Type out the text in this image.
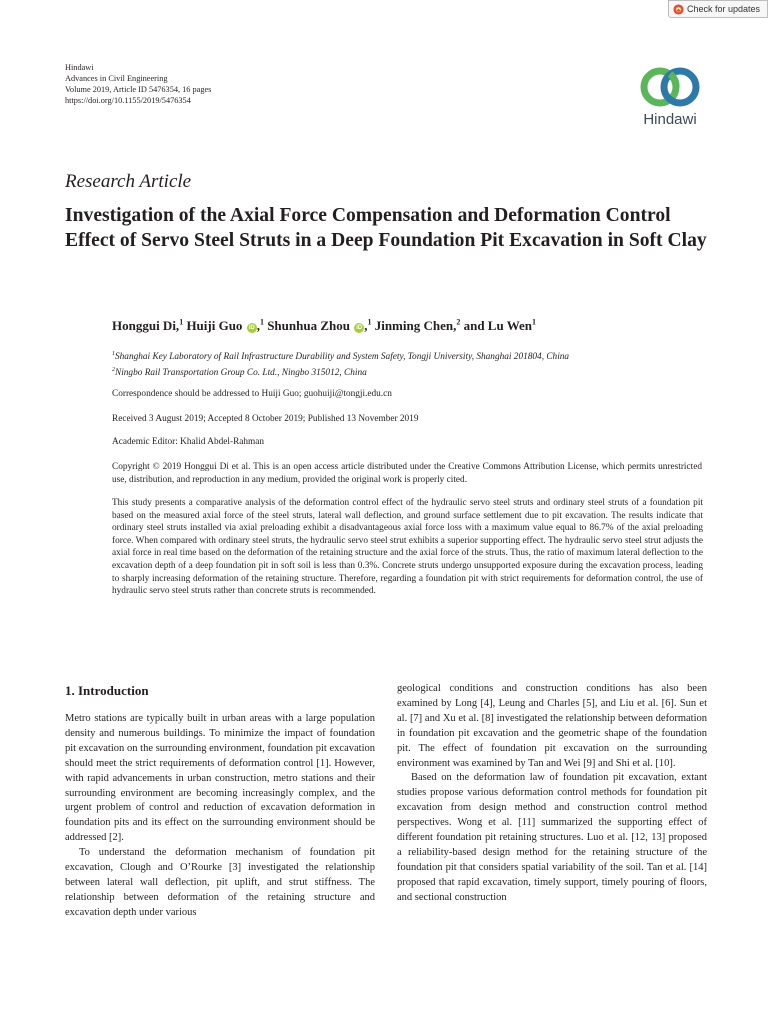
Check for updates
Hindawi
Advances in Civil Engineering
Volume 2019, Article ID 5476354, 16 pages
https://doi.org/10.1155/2019/5476354
Hindawi
Research Article
Investigation of the Axial Force Compensation and Deformation Control Effect of Servo Steel Struts in a Deep Foundation Pit Excavation in Soft Clay
Honggui Di,$^1$ Huiji Guo iD ,$^1$ Shunhua Zhou iD ,$^1$ Jinming Chen,$^2$ and Lu Wen$^1$
$^1$Shanghai Key Laboratory of Rail Infrastructure Durability and System Safety, Tongji University, Shanghai 201804, China
$^2$Ningbo Rail Transportation Group Co. Ltd., Ningbo 315012, China
Correspondence should be addressed to Huiji Guo; guohuiji@tongji.edu.cn
Received 3 August 2019; Accepted 8 October 2019; Published 13 November 2019
Academic Editor: Khalid Abdel-Rahman
Copyright © 2019 Honggui Di et al. This is an open access article distributed under the Creative Commons Attribution License, which permits unrestricted use, distribution, and reproduction in any medium, provided the original work is properly cited.
This study presents a comparative analysis of the deformation control effect of the hydraulic servo steel struts and ordinary steel struts of a foundation pit based on the measured axial force of the steel struts, lateral wall deflection, and ground surface settlement due to pit excavation. The results indicate that ordinary steel struts installed via axial preloading exhibit a disadvantageous axial force loss with a maximum value equal to 86.7% of the axial preloading force. When compared with ordinary steel struts, the hydraulic servo steel strut exhibits a superior supporting effect. The hydraulic servo steel strut adjusts the axial force in real time based on the deformation of the retaining structure and the axial force of the struts. Thus, the ratio of maximum lateral deflection to the excavation depth of a deep foundation pit in soft soil is less than 0.3%. Concrete struts undergo unsupported exposure during the excavation process, leading to sharply increasing deformation of the retaining structure. Therefore, regarding a foundation pit with strict requirements for deformation control, the use of hydraulic servo steel struts rather than concrete struts is recommended.
1. Introduction

Metro stations are typically built in urban areas with a large population density and numerous buildings. To minimize the impact of foundation pit excavation on the surrounding environment, foundation pit excavation should meet the strict requirements of deformation control [1]. However, with rapid advancements in urban construction, metro stations and their surrounding environment are becoming increasingly complex, and the urgent problem of control and reduction of excavation deformation in foundation pits and its effect on the surrounding environment should be addressed [2].

To understand the deformation mechanism of foundation pit excavation, Clough and O’Rourke [3] investigated the relationship between lateral wall deflection, pit uplift, and strut stiffness. The relationship between deformation of the retaining structure and excavation depth under various

geological conditions and construction conditions has also been examined by Long [4], Leung and Charles [5], and Liu et al. [6]. Sun et al. [7] and Xu et al. [8] investigated the relationship between deformation in foundation pit excavation and the geometric shape of the foundation pit. The effect of foundation pit excavation on the surrounding environment was examined by Tan and Wei [9] and Shi et al. [10].

Based on the deformation law of foundation pit excavation, extant studies propose various deformation control methods for foundation pit excavation from design method and construction control method perspectives. Wong et al. [11] summarized the supporting effect of different foundation pit retaining structures. Luo et al. [12, 13] proposed a reliability-based design method for the retaining structure of the foundation pit that considers spatial variability of the soil. Tan et al. [14] proposed that rapid excavation, timely support, timely pouring of floors, and sectional construction
